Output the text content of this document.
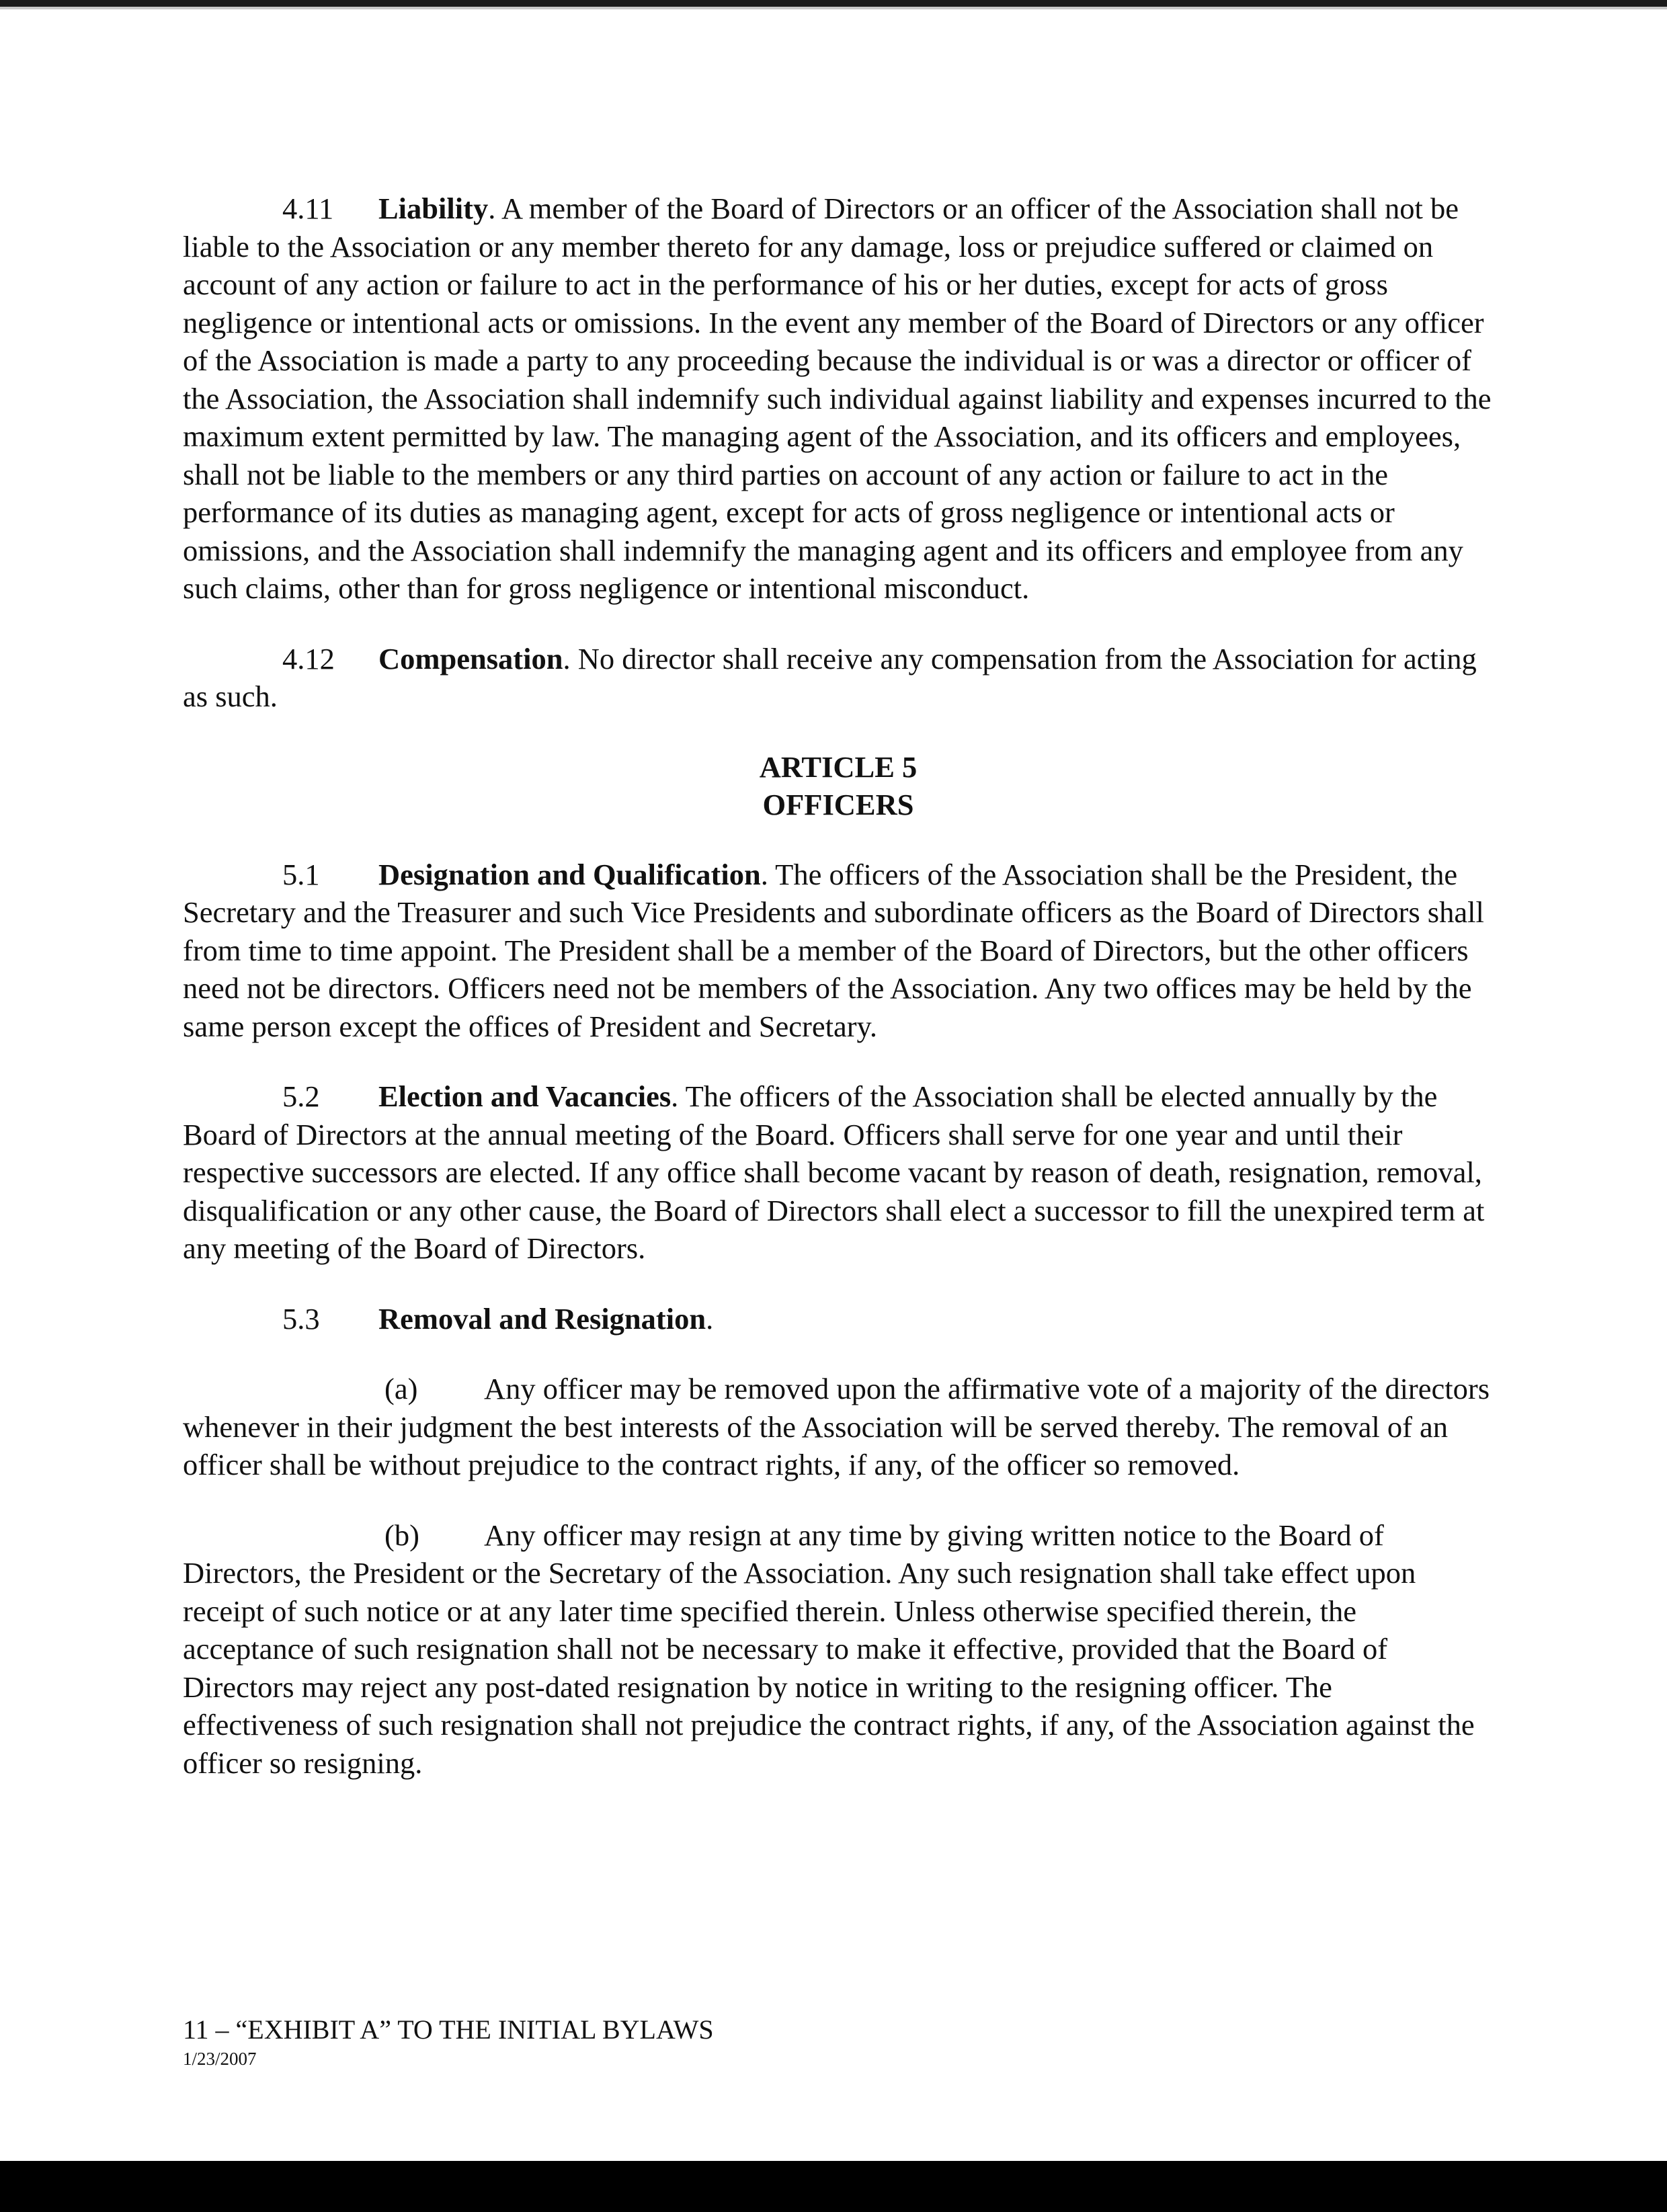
4.11 Liability. A member of the Board of Directors or an officer of the Association shall not be liable to the Association or any member thereto for any damage, loss or prejudice suffered or claimed on account of any action or failure to act in the performance of his or her duties, except for acts of gross negligence or intentional acts or omissions. In the event any member of the Board of Directors or any officer of the Association is made a party to any proceeding because the individual is or was a director or officer of the Association, the Association shall indemnify such individual against liability and expenses incurred to the maximum extent permitted by law. The managing agent of the Association, and its officers and employees, shall not be liable to the members or any third parties on account of any action or failure to act in the performance of its duties as managing agent, except for acts of gross negligence or intentional acts or omissions, and the Association shall indemnify the managing agent and its officers and employee from any such claims, other than for gross negligence or intentional misconduct.

4.12 Compensation. No director shall receive any compensation from the Association for acting as such.

ARTICLE 5
OFFICERS

5.1 Designation and Qualification. The officers of the Association shall be the President, the Secretary and the Treasurer and such Vice Presidents and subordinate officers as the Board of Directors shall from time to time appoint. The President shall be a member of the Board of Directors, but the other officers need not be directors. Officers need not be members of the Association. Any two offices may be held by the same person except the offices of President and Secretary.

5.2 Election and Vacancies. The officers of the Association shall be elected annually by the Board of Directors at the annual meeting of the Board. Officers shall serve for one year and until their respective successors are elected. If any office shall become vacant by reason of death, resignation, removal, disqualification or any other cause, the Board of Directors shall elect a successor to fill the unexpired term at any meeting of the Board of Directors.

5.3 Removal and Resignation.

(a) Any officer may be removed upon the affirmative vote of a majority of the directors whenever in their judgment the best interests of the Association will be served thereby. The removal of an officer shall be without prejudice to the contract rights, if any, of the officer so removed.

(b) Any officer may resign at any time by giving written notice to the Board of Directors, the President or the Secretary of the Association. Any such resignation shall take effect upon receipt of such notice or at any later time specified therein. Unless otherwise specified therein, the acceptance of such resignation shall not be necessary to make it effective, provided that the Board of Directors may reject any post-dated resignation by notice in writing to the resigning officer. The effectiveness of such resignation shall not prejudice the contract rights, if any, of the Association against the officer so resigning.

11 – “EXHIBIT A” TO THE INITIAL BYLAWS
1/23/2007
